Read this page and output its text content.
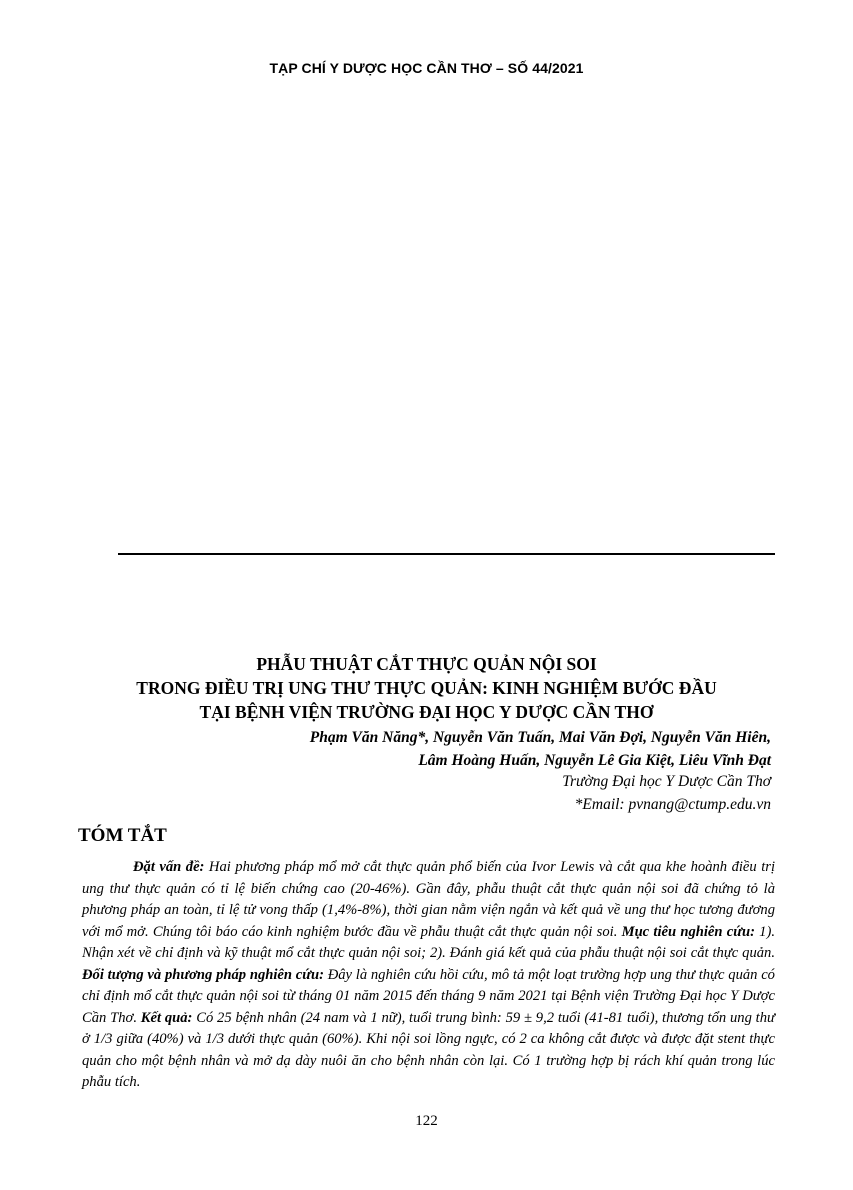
TẠP CHÍ Y DƯỢC HỌC CẦN THƠ – SỐ 44/2021
PHẪU THUẬT CẮT THỰC QUẢN NỘI SOI
TRONG ĐIỀU TRỊ UNG THƯ THỰC QUẢN: KINH NGHIỆM BƯỚC ĐẦU
TẠI BỆNH VIỆN TRƯỜNG ĐẠI HỌC Y DƯỢC CẦN THƠ
Phạm Văn Năng*, Nguyễn Văn Tuấn, Mai Văn Đợi, Nguyễn Văn Hiên,
Lâm Hoàng Huấn, Nguyễn Lê Gia Kiệt, Liêu Vĩnh Đạt
Trường Đại học Y Dược Cần Thơ
*Email: pvnang@ctump.edu.vn
TÓM TẮT
Đặt vấn đề: Hai phương pháp mổ mở cắt thực quản phổ biến của Ivor Lewis và cắt qua khe hoành điều trị ung thư thực quản có tỉ lệ biến chứng cao (20-46%). Gần đây, phẫu thuật cắt thực quản nội soi đã chứng tỏ là phương pháp an toàn, tỉ lệ tử vong thấp (1,4%-8%), thời gian nằm viện ngắn và kết quả về ung thư học tương đương với mổ mở. Chúng tôi báo cáo kinh nghiệm bước đầu về phẫu thuật cắt thực quản nội soi. Mục tiêu nghiên cứu: 1). Nhận xét về chỉ định và kỹ thuật mổ cắt thực quản nội soi; 2). Đánh giá kết quả của phẫu thuật nội soi cắt thực quản. Đối tượng và phương pháp nghiên cứu: Đây là nghiên cứu hồi cứu, mô tả một loạt trường hợp ung thư thực quản có chỉ định mổ cắt thực quản nội soi từ tháng 01 năm 2015 đến tháng 9 năm 2021 tại Bệnh viện Trường Đại học Y Dược Cần Thơ. Kết quả: Có 25 bệnh nhân (24 nam và 1 nữ), tuổi trung bình: 59 ± 9,2 tuổi (41-81 tuổi), thương tổn ung thư ở 1/3 giữa (40%) và 1/3 dưới thực quản (60%). Khi nội soi lồng ngực, có 2 ca không cắt được và được đặt stent thực quản cho một bệnh nhân và mở dạ dày nuôi ăn cho bệnh nhân còn lại. Có 1 trường hợp bị rách khí quản trong lúc phẫu tích.
122
